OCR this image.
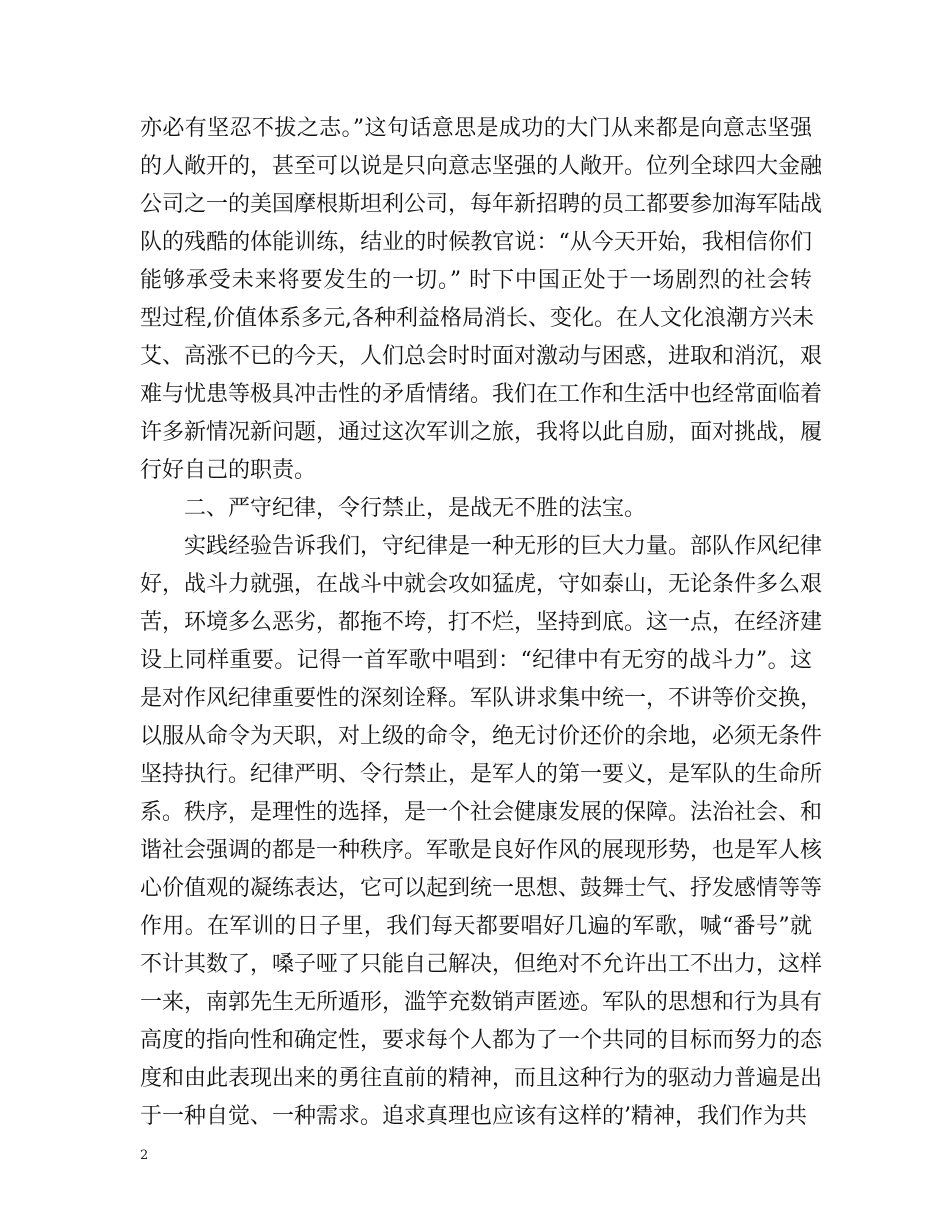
亦必有坚忍不拔之志。”这句话意思是成功的大门从来都是向意志坚强
的人敞开的，甚至可以说是只向意志坚强的人敞开。位列全球四大金融
公司之一的美国摩根斯坦利公司，每年新招聘的员工都要参加海军陆战
队的残酷的体能训练，结业的时候教官说：“从今天开始，我相信你们
能够承受未来将要发生的一切。” 时下中国正处于一场剧烈的社会转
型过程,价值体系多元,各种利益格局消长、变化。在人文化浪潮方兴未
艾、高涨不已的今天，人们总会时时面对激动与困惑，进取和消沉，艰
难与忧患等极具冲击性的矛盾情绪。我们在工作和生活中也经常面临着
许多新情况新问题，通过这次军训之旅，我将以此自励，面对挑战，履
行好自己的职责。
二、严守纪律，令行禁止，是战无不胜的法宝。
实践经验告诉我们，守纪律是一种无形的巨大力量。部队作风纪律
好，战斗力就强，在战斗中就会攻如猛虎，守如泰山，无论条件多么艰
苦，环境多么恶劣，都拖不垮，打不烂，坚持到底。这一点，在经济建
设上同样重要。记得一首军歌中唱到：“纪律中有无穷的战斗力”。这
是对作风纪律重要性的深刻诠释。军队讲求集中统一，不讲等价交换，
以服从命令为天职，对上级的命令，绝无讨价还价的余地，必须无条件
坚持执行。纪律严明、令行禁止，是军人的第一要义，是军队的生命所
系。秩序，是理性的选择，是一个社会健康发展的保障。法治社会、和
谐社会强调的都是一种秩序。军歌是良好作风的展现形势，也是军人核
心价值观的凝练表达，它可以起到统一思想、鼓舞士气、抒发感情等等
作用。在军训的日子里，我们每天都要唱好几遍的军歌，喊“番号”就
不计其数了，嗓子哑了只能自己解决，但绝对不允许出工不出力，这样
一来，南郭先生无所遁形，滥竽充数销声匿迹。军队的思想和行为具有
高度的指向性和确定性，要求每个人都为了一个共同的目标而努力的态
度和由此表现出来的勇往直前的精神，而且这种行为的驱动力普遍是出
于一种自觉、一种需求。追求真理也应该有这样的’精神，我们作为共
2
